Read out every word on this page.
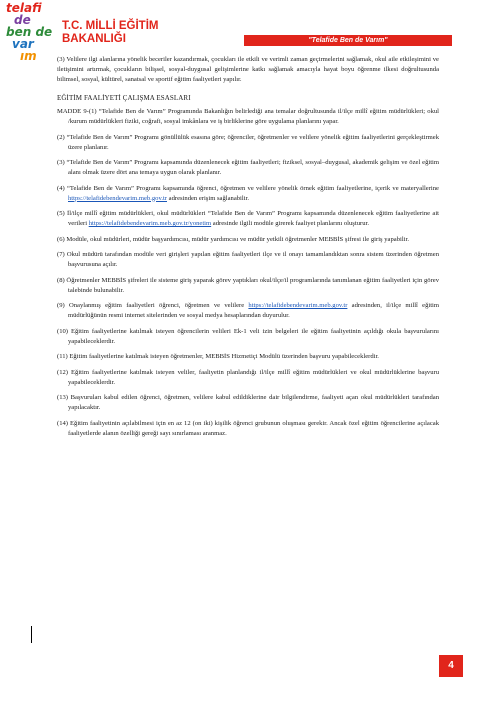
telafi
de
ben de
var
ım
T.C. MİLLİ EĞİTİM
BAKANLIĞI	"Telafide Ben de Varım"

(3) Velilere ilgi alanlarına yönelik beceriler kazandırmak, çocukları ile etkili ve verimli zaman geçirmelerini sağlamak, okul aile etkileşimini ve iletişimini artırmak, çocukların bilişsel, sosyal-duygusal gelişimlerine katkı sağlamak amacıyla hayat boyu öğrenme ilkesi doğrultusunda bilimsel, sosyal, kültürel, sanatsal ve sportif eğitim faaliyetleri yapılır.

EĞİTİM FAALİYETİ ÇALIŞMA ESASLARI

MADDE 9-(1) “Telafide Ben de Varım” Programında Bakanlığın belirlediği ana temalar doğrultusunda il/ilçe millî eğitim müdürlükleri; okul /kurum müdürlükleri fiziki, coğrafi, sosyal imkânlara ve iş birliklerine göre uygulama planlarını yapar.

(2) “Telafide Ben de Varım” Programı gönüllülük esasına göre; öğrenciler, öğretmenler ve velilere yönelik eğitim faaliyetlerini gerçekleştirmek üzere planlanır.

(3) “Telafide Ben de Varım” Programı kapsamında düzenlenecek eğitim faaliyetleri; fiziksel, sosyal–duygusal, akademik gelişim ve özel eğitim alanı olmak üzere dört ana temaya uygun olarak planlanır.

(4) “Telafide Ben de Varım” Programı kapsamında öğrenci, öğretmen ve velilere yönelik örnek eğitim faaliyetlerine, içerik ve materyallerine https://telafidebendevarim.meb.gov.tr adresinden erişim sağlanabilir.

(5) İl/ilçe millî eğitim müdürlükleri, okul müdürlükleri “Telafide Ben de Varım” Programı kapsamında düzenlenecek eğitim faaliyetlerine ait verileri https://telafidebendevarim.meb.gov.tr/yonetim adresinde ilgili modüle girerek faaliyet planlarını oluşturur.

(6) Modüle, okul müdürleri, müdür başyardımcısı, müdür yardımcısı ve müdür yetkili öğretmenler MEBBİS şifresi ile giriş yapabilir.

(7) Okul müdürü tarafından modüle veri girişleri yapılan eğitim faaliyetleri ilçe ve il onayı tamamlandıktan sonra sistem üzerinden öğretmen başvurusuna açılır.

(8) Öğretmenler MEBBİS şifreleri ile sisteme giriş yaparak görev yaptıkları okul/ilçe/il programlarında tanımlanan eğitim faaliyetleri için görev talebinde bulunabilir.

(9) Onaylanmış eğitim faaliyetleri öğrenci, öğretmen ve velilere https://telafidebendevarim.meb.gov.tr adresinden, il/ilçe millî eğitim müdürlüğünün resmi internet sitelerinden ve sosyal medya hesaplarından duyurulur.

(10) Eğitim faaliyetlerine katılmak isteyen öğrencilerin velileri Ek-1 veli izin belgeleri ile eğitim faaliyetinin açıldığı okula başvurularını yapabileceklerdir.

(11) Eğitim faaliyetlerine katılmak isteyen öğretmenler, MEBBİS Hizmetiçi Modülü üzerinden başvuru yapabileceklerdir.

(12) Eğitim faaliyetlerine katılmak isteyen veliler, faaliyetin planlandığı il/ilçe millî eğitim müdürlükleri ve okul müdürlüklerine başvuru yapabileceklerdir.

(13) Başvuruları kabul edilen öğrenci, öğretmen, velilere kabul edildiklerine dair bilgilendirme, faaliyeti açan okul müdürlükleri tarafından yapılacaktır.

(14) Eğitim faaliyetinin açılabilmesi için en az 12 (on iki) kişilik öğrenci grubunun oluşması gerekir. Ancak özel eğitim öğrencilerine açılacak faaliyetlerde alanın özelliği gereği sayı sınırlaması aranmaz.

4
